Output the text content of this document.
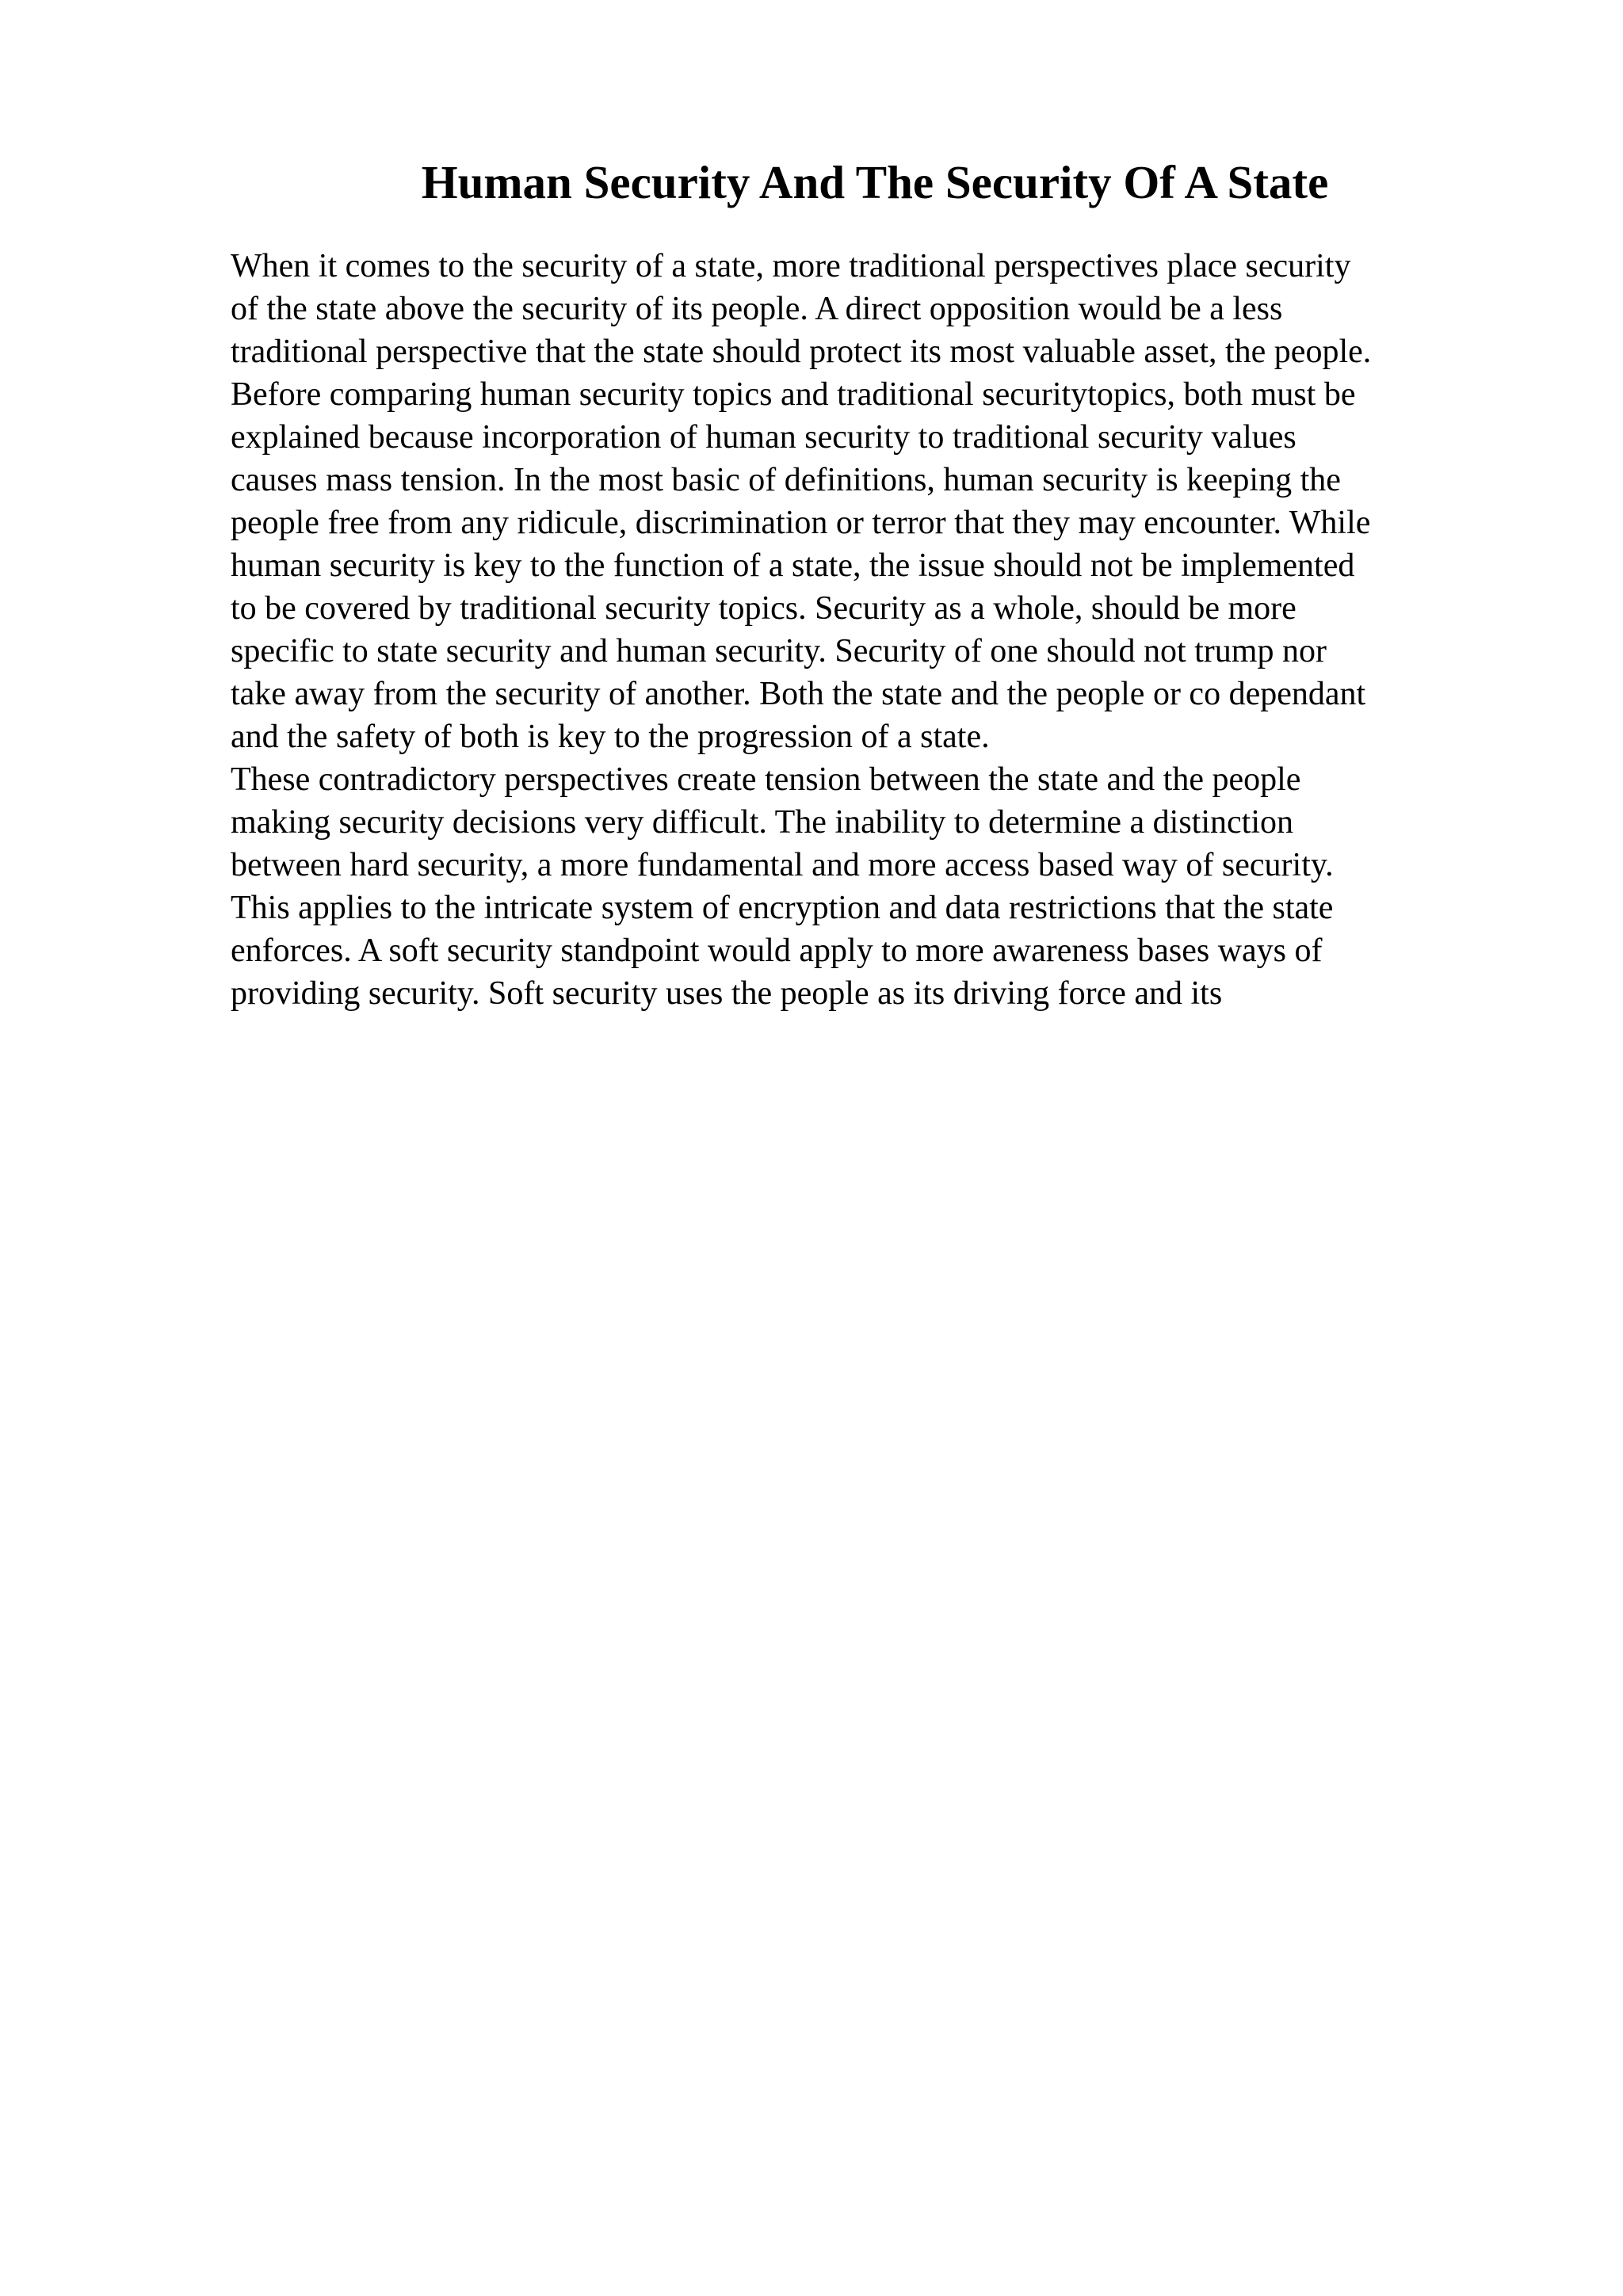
Human Security And The Security Of A State
When it comes to the security of a state, more traditional perspectives place security
of the state above the security of its people. A direct opposition would be a less
traditional perspective that the state should protect its most valuable asset, the people.
Before comparing human security topics and traditional securitytopics, both must be
explained because incorporation of human security to traditional security values
causes mass tension. In the most basic of definitions, human security is keeping the
people free from any ridicule, discrimination or terror that they may encounter. While
human security is key to the function of a state, the issue should not be implemented
to be covered by traditional security topics. Security as a whole, should be more
specific to state security and human security. Security of one should not trump nor
take away from the security of another. Both the state and the people or co dependant
and the safety of both is key to the progression of a state.
These contradictory perspectives create tension between the state and the people
making security decisions very difficult. The inability to determine a distinction
between hard security, a more fundamental and more access based way of security.
This applies to the intricate system of encryption and data restrictions that the state
enforces. A soft security standpoint would apply to more awareness bases ways of
providing security. Soft security uses the people as its driving force and its
